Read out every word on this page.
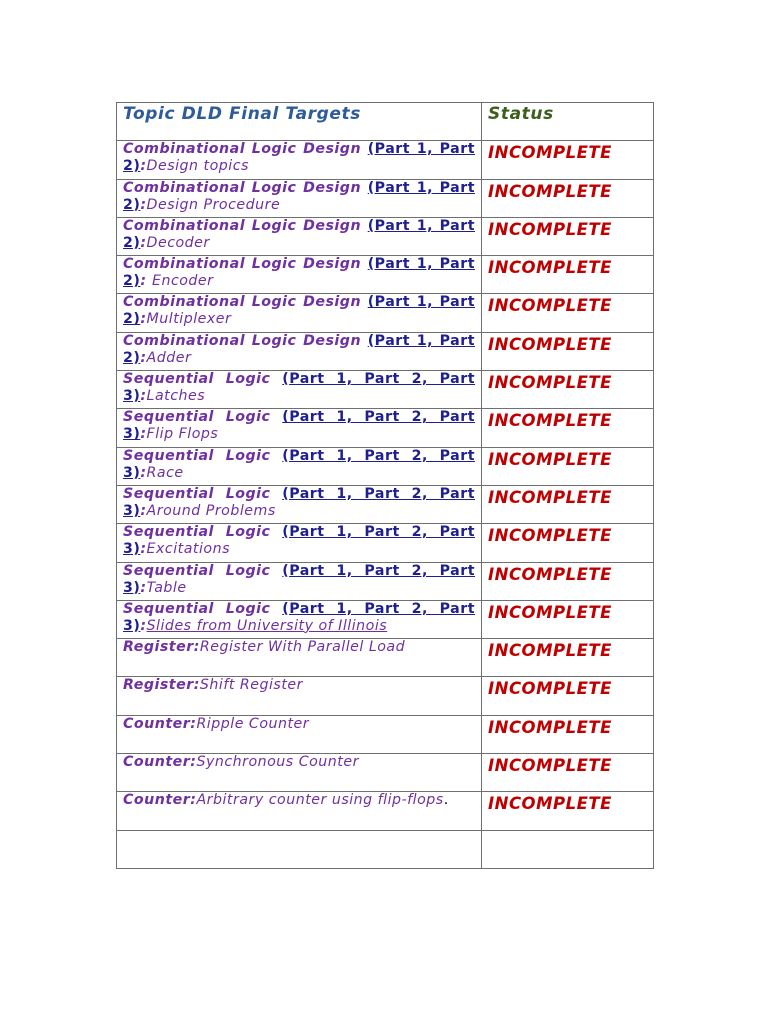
Topic DLD Final Targets	Status

Combinational Logic Design (Part 1, Part 2):Design topics	INCOMPLETE

Combinational Logic Design (Part 1, Part 2):Design Procedure	INCOMPLETE

Combinational Logic Design (Part 1, Part 2):Decoder	INCOMPLETE

Combinational Logic Design (Part 1, Part 2): Encoder	INCOMPLETE

Combinational Logic Design (Part 1, Part 2):Multiplexer	INCOMPLETE

Combinational Logic Design (Part 1, Part 2):Adder	INCOMPLETE

Sequential Logic (Part 1, Part 2, Part 3):Latches	INCOMPLETE

Sequential Logic (Part 1, Part 2, Part 3):Flip Flops	INCOMPLETE

Sequential Logic (Part 1, Part 2, Part 3):Race	INCOMPLETE

Sequential Logic (Part 1, Part 2, Part 3):Around Problems	INCOMPLETE

Sequential Logic (Part 1, Part 2, Part 3):Excitations	INCOMPLETE

Sequential Logic (Part 1, Part 2, Part 3):Table	INCOMPLETE

Sequential Logic (Part 1, Part 2, Part 3):Slides from University of Illinois	INCOMPLETE

Register:Register With Parallel Load	INCOMPLETE

Register:Shift Register	INCOMPLETE

Counter:Ripple Counter	INCOMPLETE

Counter:Synchronous Counter	INCOMPLETE

Counter:Arbitrary counter using flip-flops.	INCOMPLETE
